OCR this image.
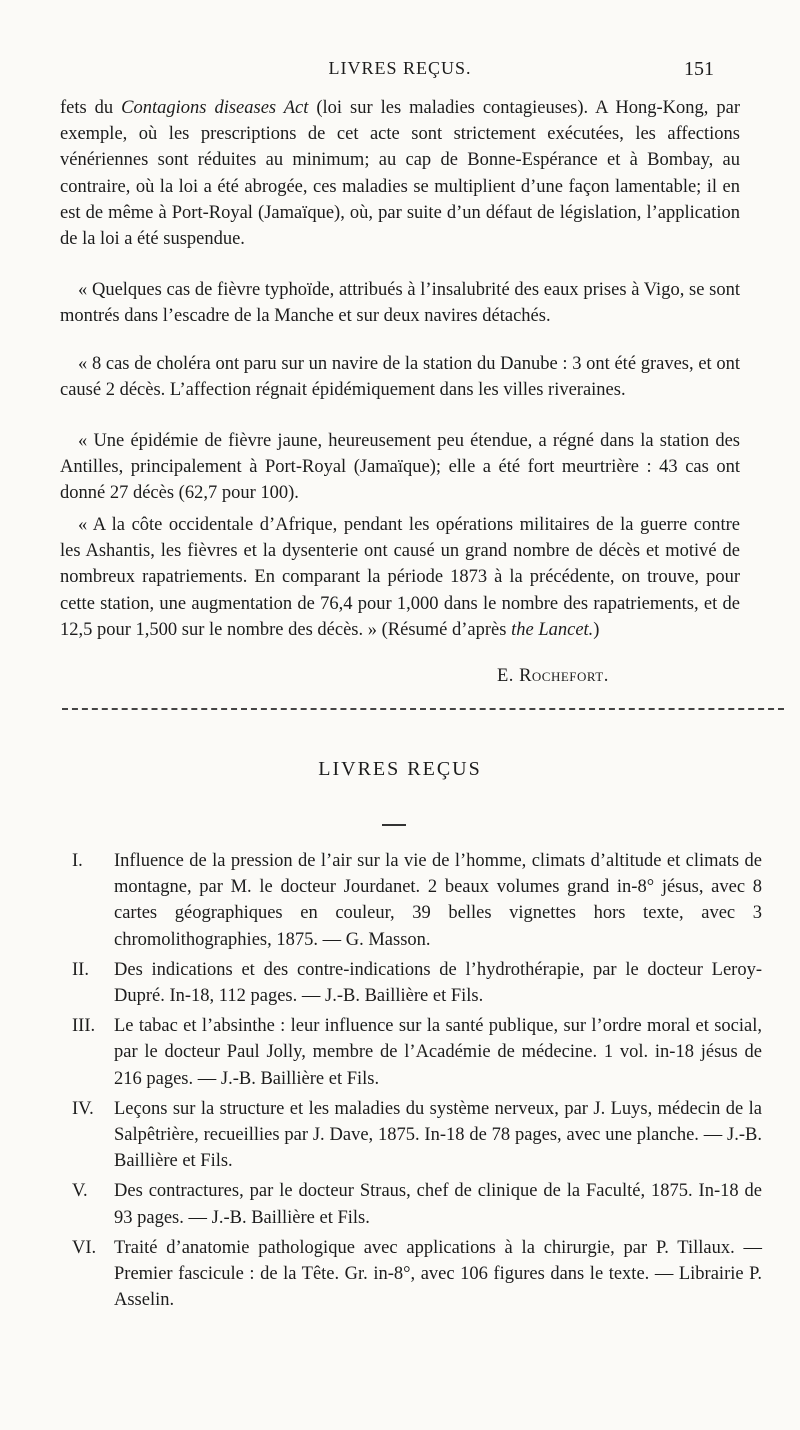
LIVRES REÇUS.	151

fets du Contagions diseases Act (loi sur les maladies contagieuses). A Hong-Kong, par exemple, où les prescriptions de cet acte sont strictement exécutées, les affections vénériennes sont réduites au minimum; au cap de Bonne-Espérance et à Bombay, au contraire, où la loi a été abrogée, ces maladies se multiplient d’une façon lamentable; il en est de même à Port-Royal (Jamaïque), où, par suite d’un défaut de législation, l’application de la loi a été suspendue.

« Quelques cas de fièvre typhoïde, attribués à l’insalubrité des eaux prises à Vigo, se sont montrés dans l’escadre de la Manche et sur deux navires détachés.

« 8 cas de choléra ont paru sur un navire de la station du Danube : 3 ont été graves, et ont causé 2 décès. L’affection régnait épidémiquement dans les villes riveraines.

« Une épidémie de fièvre jaune, heureusement peu étendue, a régné dans la station des Antilles, principalement à Port-Royal (Jamaïque); elle a été fort meurtrière : 43 cas ont donné 27 décès (62,7 pour 100).

« A la côte occidentale d’Afrique, pendant les opérations militaires de la guerre contre les Ashantis, les fièvres et la dysenterie ont causé un grand nombre de décès et motivé de nombreux rapatriements. En comparant la période 1873 à la précédente, on trouve, pour cette station, une augmentation de 76,4 pour 1,000 dans le nombre des rapatriements, et de 12,5 pour 1,500 sur le nombre des décès. » (Résumé d’après the Lancet.)

E. Rochefort.
LIVRES REÇUS
I.	Influence de la pression de l’air sur la vie de l’homme, climats d’altitude et climats de montagne, par M. le docteur Jourdanet. 2 beaux volumes grand in-8° jésus, avec 8 cartes géographiques en couleur, 39 belles vignettes hors texte, avec 3 chromolithographies, 1875. — G. Masson.
II.	Des indications et des contre-indications de l’hydrothérapie, par le docteur Leroy-Dupré. In-18, 112 pages. — J.-B. Baillière et Fils.
III.	Le tabac et l’absinthe : leur influence sur la santé publique, sur l’ordre moral et social, par le docteur Paul Jolly, membre de l’Académie de médecine. 1 vol. in-18 jésus de 216 pages. — J.-B. Baillière et Fils.
IV.	Leçons sur la structure et les maladies du système nerveux, par J. Luys, médecin de la Salpêtrière, recueillies par J. Dave, 1875. In-18 de 78 pages, avec une planche. — J.-B. Baillière et Fils.
V.	Des contractures, par le docteur Straus, chef de clinique de la Faculté, 1875. In-18 de 93 pages. — J.-B. Baillière et Fils.
VI. Traité d’anatomie pathologique avec applications à la chirurgie, par P. Tillaux. — Premier fascicule : de la Tête. Gr. in-8°, avec 106 figures dans le texte. — Librairie P. Asselin.
